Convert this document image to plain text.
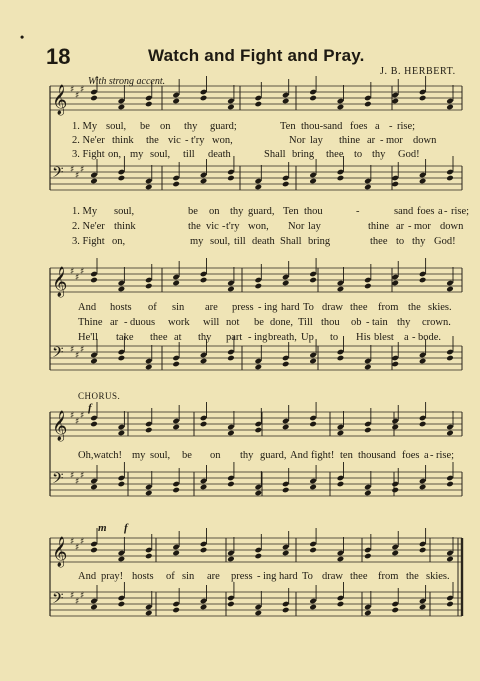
𝄞 ♯
♯
♯
𝄢 ♯
♯
♯
𝄞 ♯
♯
♯
𝄢 ♯
♯
♯
𝄞 ♯
♯
♯
𝄢 ♯
♯
♯
𝄞 ♯
♯
♯
𝄢 ♯
♯
♯
•
18	Watch and Fight and Pray.
J. B. HERBERT.
With strong accent.
CHORUS.
f
m f
1. My soul, be on thy guard;	Ten thou-sand foes a - rise;
2. Ne'er think the vic - t'ry won,	Nor lay thine ar - mor down
3. Fight on, my soul, till death	Shall bring thee to thy God!
1. My soul,	be on thy guard, Ten thou	-	sand foes a - rise;
2. Ne'er think	the vic - t'ry won, Nor lay	thine ar - mor down
3. Fight on,	my soul, till death Shall bring	thee to thy God!
And hosts of sin are press - ing hard To draw thee from the skies.
Thine ar - duous work will not be done, Till thou ob - tain thy crown.
He'll take thee at thy part - ing breath, Up to His blest a - bode.
Oh,watch! my soul, be on thy guard, And fight! ten thousand foes a - rise;
And pray! hosts of sin are press - ing hard To draw thee from the skies.
